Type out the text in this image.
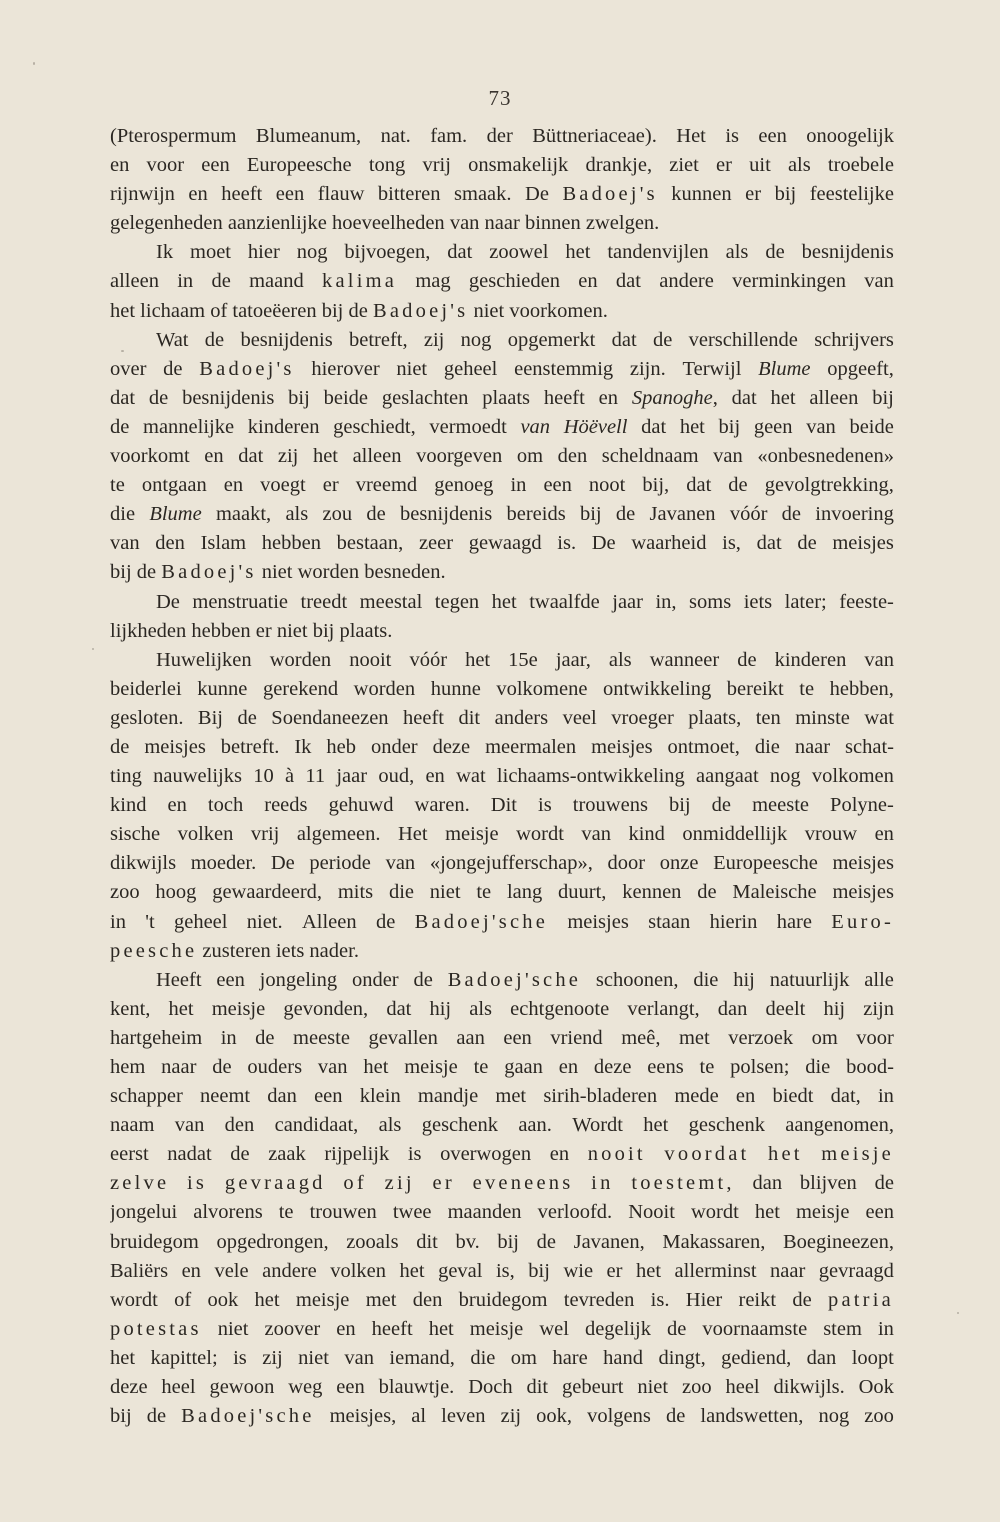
73
(Pterospermum Blumeanum, nat. fam. der Büttneriaceae). Het is een onoogelijk
en voor een Europeesche tong vrij onsmakelijk drankje, ziet er uit als troebele
rijnwijn en heeft een flauw bitteren smaak. De Badoej's kunnen er bij feestelijke
gelegenheden
aanzienlijke
hoeveelheden
van
naar
binnen
zwelgen.
Ik moet hier nog bijvoegen, dat zoowel het tandenvijlen als de besnijdenis
alleen in de maand kalima mag geschieden en dat andere verminkingen van
het
lichaam
of
tatoeëeren
bij
de
Badoej's
niet
voorkomen.
Wat de besnijdenis betreft, zij nog opgemerkt dat de verschillende schrijvers
over de Badoej's hierover niet geheel eenstemmig zijn. Terwijl Blume opgeeft,
dat de besnijdenis bij beide geslachten plaats heeft en Spanoghe, dat het alleen bij
de mannelijke kinderen geschiedt, vermoedt van Höëvell dat het bij geen van beide
voorkomt en dat zij het alleen voorgeven om den scheldnaam van «onbesnedenen»
te ontgaan en voegt er vreemd genoeg in een noot bij, dat de gevolgtrekking,
die Blume maakt, als zou de besnijdenis bereids bij de Javanen vóór de invoering
van den Islam hebben bestaan, zeer gewaagd is. De waarheid is, dat de meisjes
bij
de
Badoej's
niet
worden
besneden.
De menstruatie treedt meestal tegen het twaalfde jaar in, soms iets later; feeste-
lijkheden
hebben
er
niet
bij
plaats.
Huwelijken worden nooit vóór het 15e jaar, als wanneer de kinderen van
beiderlei kunne gerekend worden hunne volkomene ontwikkeling bereikt te hebben,
gesloten. Bij de Soendaneezen heeft dit anders veel vroeger plaats, ten minste wat
de meisjes betreft. Ik heb onder deze meermalen meisjes ontmoet, die naar schat-
ting nauwelijks 10 à 11 jaar oud, en wat lichaams-ontwikkeling aangaat nog volkomen
kind en toch reeds gehuwd waren. Dit is trouwens bij de meeste Polyne-
sische volken vrij algemeen. Het meisje wordt van kind onmiddellijk vrouw en
dikwijls moeder. De periode van «jongejufferschap», door onze Europeesche meisjes
zoo hoog gewaardeerd, mits die niet te lang duurt, kennen de Maleische meisjes
in 't geheel niet. Alleen de Badoej'sche meisjes staan hierin hare Euro-
peesche
zusteren
iets
nader.
Heeft een jongeling onder de Badoej'sche schoonen, die hij natuurlijk alle
kent, het meisje gevonden, dat hij als echtgenoote verlangt, dan deelt hij zijn
hartgeheim in de meeste gevallen aan een vriend meê, met verzoek om voor
hem naar de ouders van het meisje te gaan en deze eens te polsen; die bood-
schapper neemt dan een klein mandje met sirih-bladeren mede en biedt dat, in
naam van den candidaat, als geschenk aan. Wordt het geschenk aangenomen,
eerst nadat de zaak rijpelijk is overwogen en nooit voordat het meisje
zelve is gevraagd of zij er eveneens in toestemt, dan blijven de
jongelui alvorens te trouwen twee maanden verloofd. Nooit wordt het meisje een
bruidegom opgedrongen, zooals dit bv. bij de Javanen, Makassaren, Boegineezen,
Baliërs en vele andere volken het geval is, bij wie er het allerminst naar gevraagd
wordt of ook het meisje met den bruidegom tevreden is. Hier reikt de patria
potestas niet zoover en heeft het meisje wel degelijk de voornaamste stem in
het kapittel; is zij niet van iemand, die om hare hand dingt, gediend, dan loopt
deze heel gewoon weg een blauwtje. Doch dit gebeurt niet zoo heel dikwijls. Ook
bij de Badoej'sche meisjes, al leven zij ook, volgens de landswetten, nog zoo
